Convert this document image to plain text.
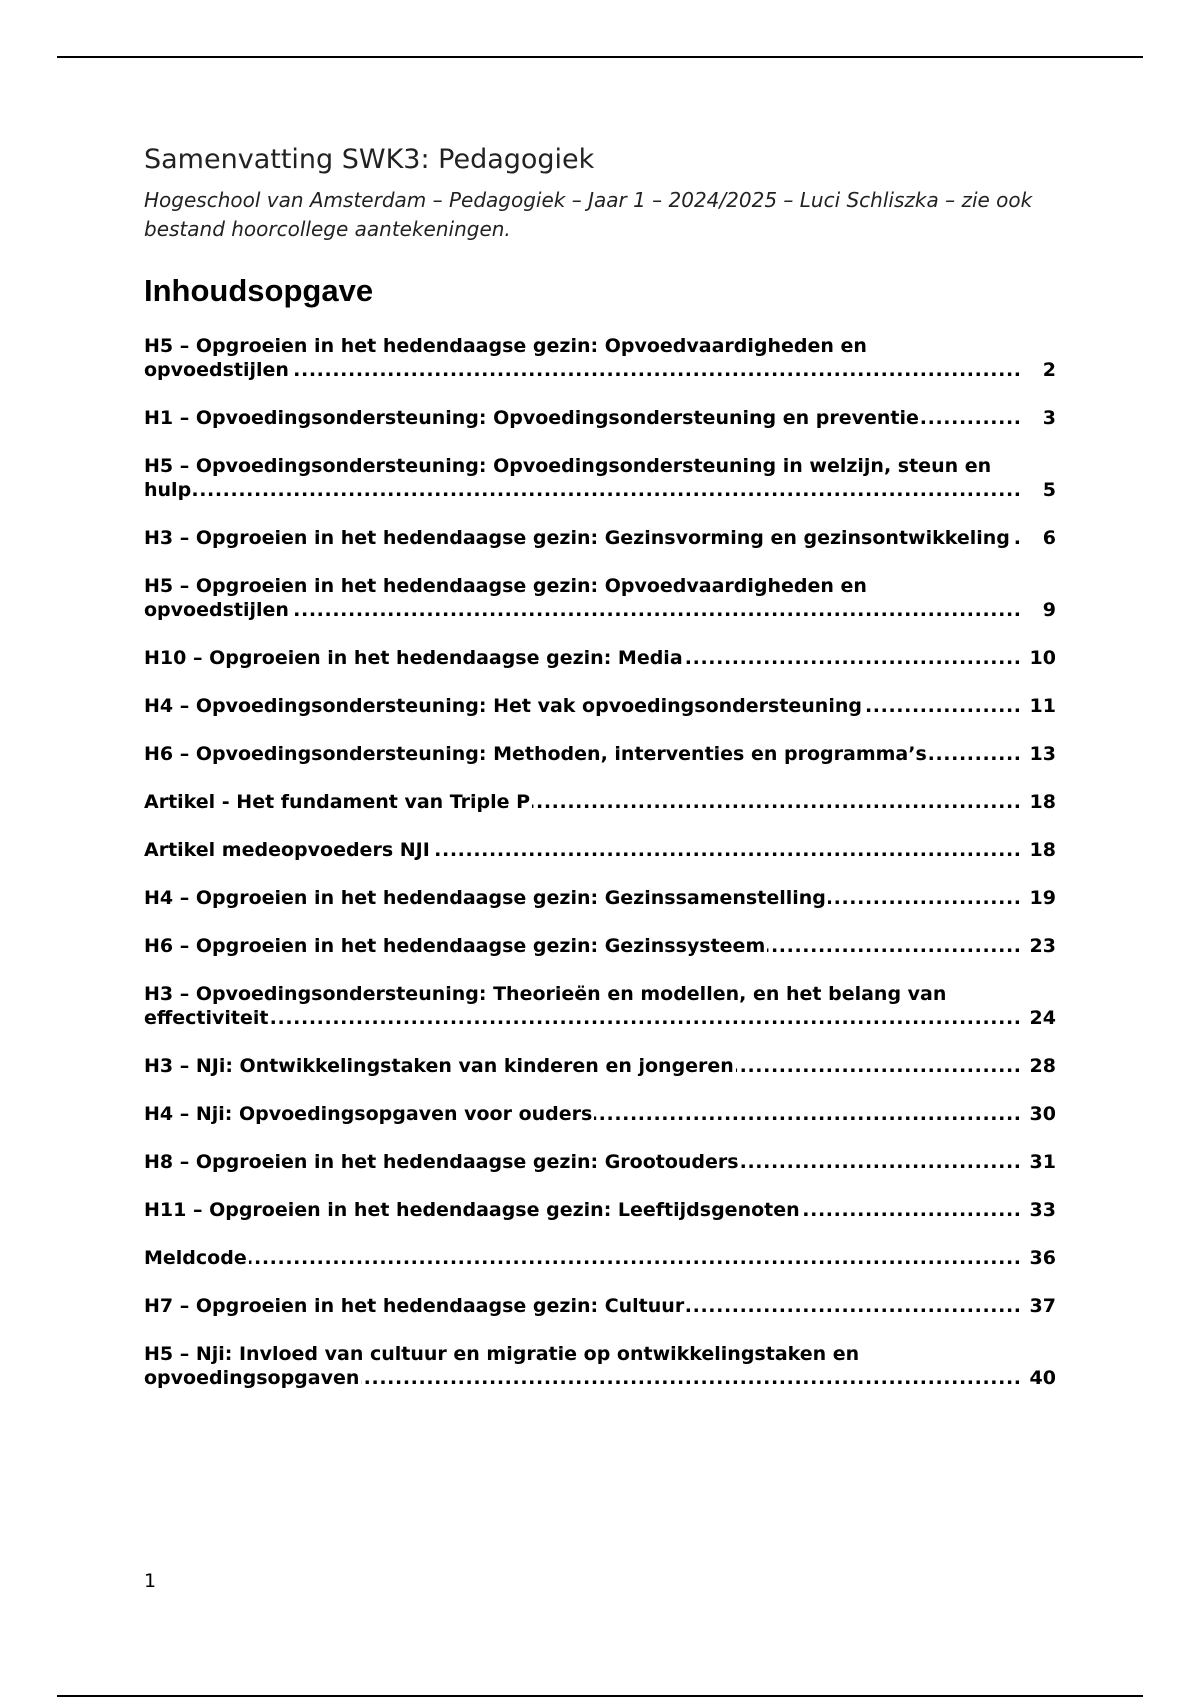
Samenvatting SWK3: Pedagogiek

Hogeschool van Amsterdam – Pedagogiek – Jaar 1 – 2024/2025 – Luci Schliszka – zie ook bestand hoorcollege aantekeningen.

Inhoudsopgave
H5 – Opgroeien in het hedendaagse gezin: Opvoedvaardigheden en opvoedstijlen	2
. . .
H1 – Opvoedingsondersteuning: Opvoedingsondersteuning en preventie	3
. . .
H5 – Opvoedingsondersteuning: Opvoedingsondersteuning in welzijn, steun en hulp	5
. . .
H3 – Opgroeien in het hedendaagse gezin: Gezinsvorming en gezinsontwikkeling	6
. . .
H5 – Opgroeien in het hedendaagse gezin: Opvoedvaardigheden en opvoedstijlen	9
. . .
H10 – Opgroeien in het hedendaagse gezin: Media	10
. . .
H4 – Opvoedingsondersteuning: Het vak opvoedingsondersteuning	11
. . .
H6 – Opvoedingsondersteuning: Methoden, interventies en programma’s	13
. . .
Artikel - Het fundament van Triple P	18
. . .
Artikel medeopvoeders NJI	18
. . .
H4 – Opgroeien in het hedendaagse gezin: Gezinssamenstelling	19
. . .
H6 – Opgroeien in het hedendaagse gezin: Gezinssysteem	23
. . .
H3 – Opvoedingsondersteuning: Theorieën en modellen, en het belang van effectiviteit	24
. . .
H3 – NJi: Ontwikkelingstaken van kinderen en jongeren	28
. . .
H4 – Nji: Opvoedingsopgaven voor ouders	30
. . .
H8 – Opgroeien in het hedendaagse gezin: Grootouders	31
. . .
H11 – Opgroeien in het hedendaagse gezin: Leeftijdsgenoten	33
. . .
Meldcode	36
. . .
H7 – Opgroeien in het hedendaagse gezin: Cultuur	37
. . .
H5 – Nji: Invloed van cultuur en migratie op ontwikkelingstaken en opvoedingsopgaven	40
. . .
1
